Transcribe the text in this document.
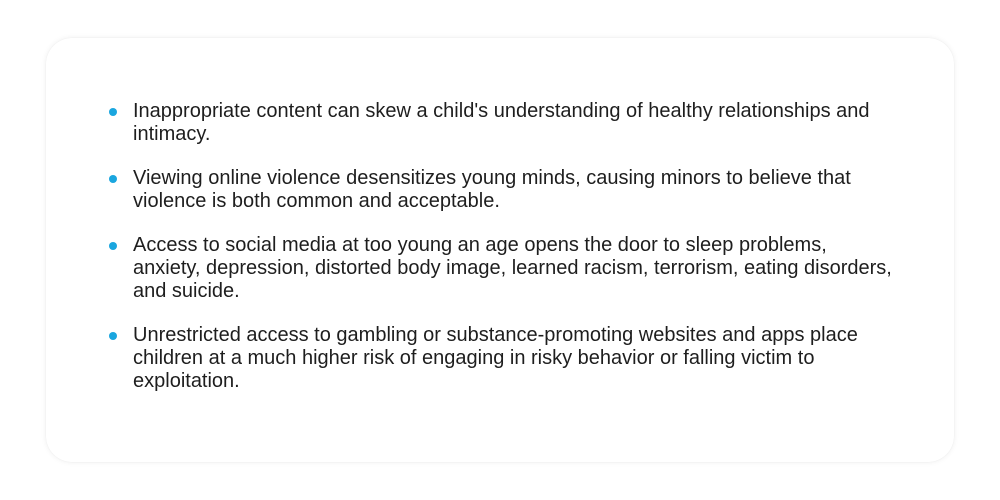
Inappropriate content can skew a child's understanding of healthy relationships and intimacy.
Viewing online violence desensitizes young minds, causing minors to believe that violence is both common and acceptable.
Access to social media at too young an age opens the door to sleep problems, anxiety, depression, distorted body image, learned racism, terrorism, eating disorders, and suicide.
Unrestricted access to gambling or substance-promoting websites and apps place children at a much higher risk of engaging in risky behavior or falling victim to exploitation.
